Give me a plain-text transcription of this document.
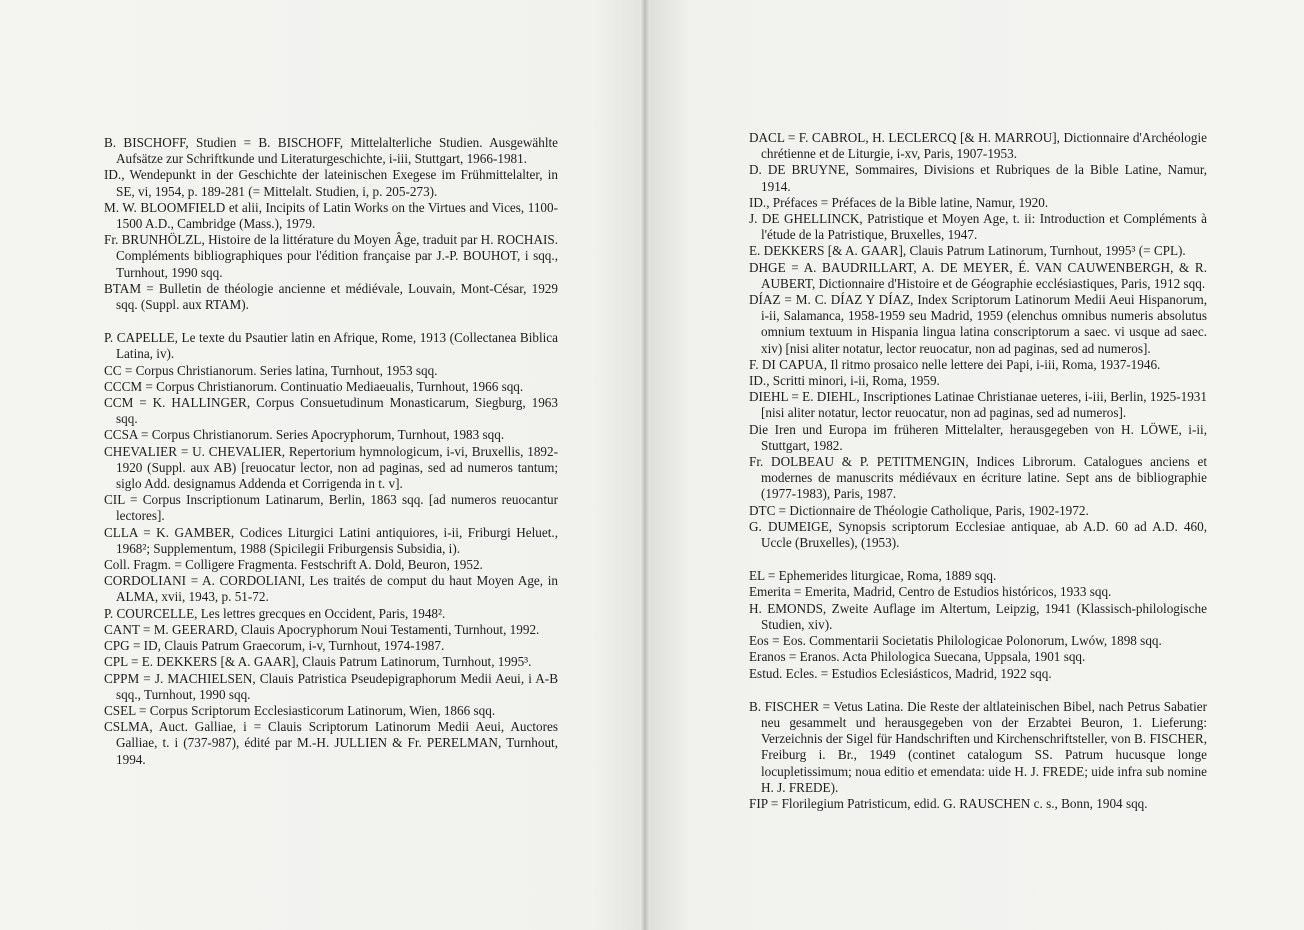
B. BISCHOFF, Studien = B. BISCHOFF, Mittelalterliche Studien. Ausgewählte Aufsätze zur Schriftkunde und Literaturgeschichte, i-iii, Stuttgart, 1966-1981.

ID., Wendepunkt in der Geschichte der lateinischen Exegese im Frühmittelalter, in SE, vi, 1954, p. 189-281 (= Mittelalt. Studien, i, p. 205-273).

M. W. BLOOMFIELD et alii, Incipits of Latin Works on the Virtues and Vices, 1100-1500 A.D., Cambridge (Mass.), 1979.

Fr. BRUNHÖLZL, Histoire de la littérature du Moyen Âge, traduit par H. ROCHAIS. Compléments bibliographiques pour l'édition française par J.-P. BOUHOT, i sqq., Turnhout, 1990 sqq.

BTAM = Bulletin de théologie ancienne et médiévale, Louvain, Mont-César, 1929 sqq. (Suppl. aux RTAM).

P. CAPELLE, Le texte du Psautier latin en Afrique, Rome, 1913 (Collectanea Biblica Latina, iv).

CC = Corpus Christianorum. Series latina, Turnhout, 1953 sqq.

CCCM = Corpus Christianorum. Continuatio Mediaeualis, Turnhout, 1966 sqq.

CCM = K. HALLINGER, Corpus Consuetudinum Monasticarum, Siegburg, 1963 sqq.

CCSA = Corpus Christianorum. Series Apocryphorum, Turnhout, 1983 sqq.

CHEVALIER = U. CHEVALIER, Repertorium hymnologicum, i-vi, Bruxellis, 1892-1920 (Suppl. aux AB) [reuocatur lector, non ad paginas, sed ad numeros tantum; siglo Add. designamus Addenda et Corrigenda in t. v].

CIL = Corpus Inscriptionum Latinarum, Berlin, 1863 sqq. [ad numeros reuocantur lectores].

CLLA = K. GAMBER, Codices Liturgici Latini antiquiores, i-ii, Friburgi Heluet., 1968²; Supplementum, 1988 (Spicilegii Friburgensis Subsidia, i).

Coll. Fragm. = Colligere Fragmenta. Festschrift A. Dold, Beuron, 1952.

CORDOLIANI = A. CORDOLIANI, Les traités de comput du haut Moyen Age, in ALMA, xvii, 1943, p. 51-72.

P. COURCELLE, Les lettres grecques en Occident, Paris, 1948².

CANT = M. GEERARD, Clauis Apocryphorum Noui Testamenti, Turnhout, 1992.

CPG = ID, Clauis Patrum Graecorum, i-v, Turnhout, 1974-1987.

CPL = E. DEKKERS [& A. GAAR], Clauis Patrum Latinorum, Turnhout, 1995³.

CPPM = J. MACHIELSEN, Clauis Patristica Pseudepigraphorum Medii Aeui, i A-B sqq., Turnhout, 1990 sqq.

CSEL = Corpus Scriptorum Ecclesiasticorum Latinorum, Wien, 1866 sqq.

CSLMA, Auct. Galliae, i = Clauis Scriptorum Latinorum Medii Aeui, Auctores Galliae, t. i (737-987), édité par M.-H. JULLIEN & Fr. PERELMAN, Turnhout, 1994.

DACL = F. CABROL, H. LECLERCQ [& H. MARROU], Dictionnaire d'Archéologie chrétienne et de Liturgie, i-xv, Paris, 1907-1953.

D. DE BRUYNE, Sommaires, Divisions et Rubriques de la Bible Latine, Namur, 1914.

ID., Préfaces = Préfaces de la Bible latine, Namur, 1920.

J. DE GHELLINCK, Patristique et Moyen Age, t. ii: Introduction et Compléments à l'étude de la Patristique, Bruxelles, 1947.

E. DEKKERS [& A. GAAR], Clauis Patrum Latinorum, Turnhout, 1995³ (= CPL).

DHGE = A. BAUDRILLART, A. DE MEYER, É. VAN CAUWENBERGH, & R. AUBERT, Dictionnaire d'Histoire et de Géographie ecclésiastiques, Paris, 1912 sqq.

DÍAZ = M. C. DÍAZ Y DÍAZ, Index Scriptorum Latinorum Medii Aeui Hispanorum, i-ii, Salamanca, 1958-1959 seu Madrid, 1959 (elenchus omnibus numeris absolutus omnium textuum in Hispania lingua latina conscriptorum a saec. vi usque ad saec. xiv) [nisi aliter notatur, lector reuocatur, non ad paginas, sed ad numeros].

F. DI CAPUA, Il ritmo prosaico nelle lettere dei Papi, i-iii, Roma, 1937-1946.

ID., Scritti minori, i-ii, Roma, 1959.

DIEHL = E. DIEHL, Inscriptiones Latinae Christianae ueteres, i-iii, Berlin, 1925-1931 [nisi aliter notatur, lector reuocatur, non ad paginas, sed ad numeros].

Die Iren und Europa im früheren Mittelalter, herausgegeben von H. LÖWE, i-ii, Stuttgart, 1982.

Fr. DOLBEAU & P. PETITMENGIN, Indices Librorum. Catalogues anciens et modernes de manuscrits médiévaux en écriture latine. Sept ans de bibliographie (1977-1983), Paris, 1987.

DTC = Dictionnaire de Théologie Catholique, Paris, 1902-1972.

G. DUMEIGE, Synopsis scriptorum Ecclesiae antiquae, ab A.D. 60 ad A.D. 460, Uccle (Bruxelles), (1953).

EL = Ephemerides liturgicae, Roma, 1889 sqq.

Emerita = Emerita, Madrid, Centro de Estudios históricos, 1933 sqq.

H. EMONDS, Zweite Auflage im Altertum, Leipzig, 1941 (Klassisch-philologische Studien, xiv).

Eos = Eos. Commentarii Societatis Philologicae Polonorum, Lwów, 1898 sqq.

Eranos = Eranos. Acta Philologica Suecana, Uppsala, 1901 sqq.

Estud. Ecles. = Estudios Eclesiásticos, Madrid, 1922 sqq.

B. FISCHER = Vetus Latina. Die Reste der altlateinischen Bibel, nach Petrus Sabatier neu gesammelt und herausgegeben von der Erzabtei Beuron, 1. Lieferung: Verzeichnis der Sigel für Handschriften und Kirchenschriftsteller, von B. FISCHER, Freiburg i. Br., 1949 (continet catalogum SS. Patrum hucusque longe locupletissimum; noua editio et emendata: uide H. J. FREDE; uide infra sub nomine H. J. FREDE).

FIP = Florilegium Patristicum, edid. G. RAUSCHEN c. s., Bonn, 1904 sqq.
